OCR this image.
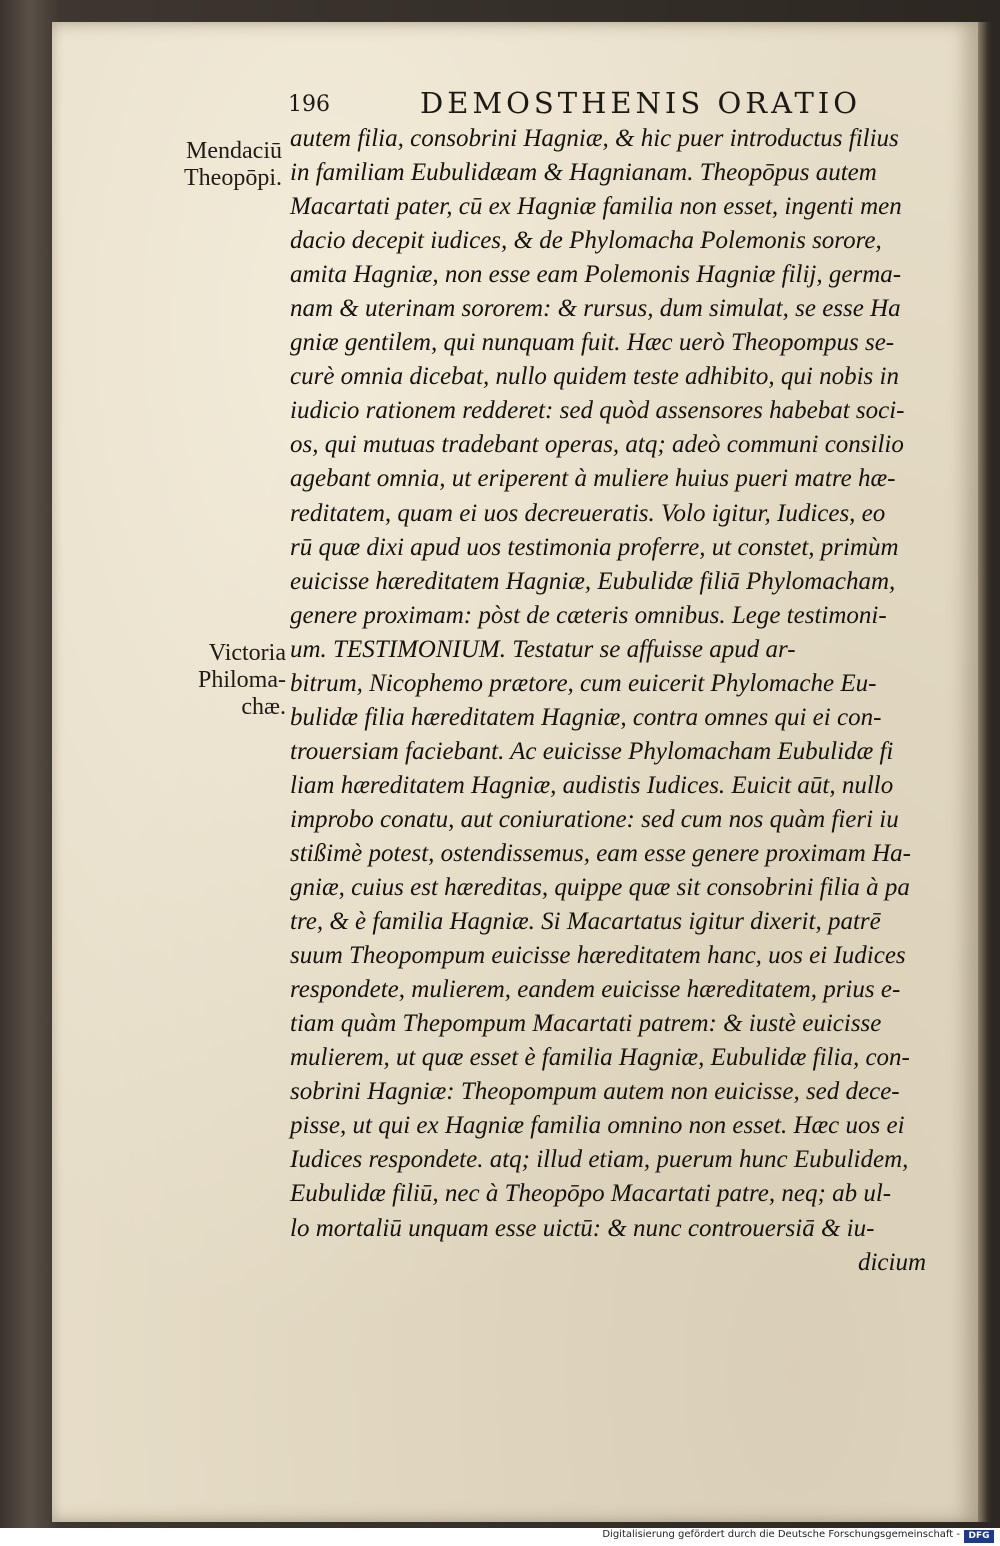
196	DEMOSTHENIS ORATIO
Mendaciū
Theopōpi.
Victoria
Philoma-
chæ.
autem filia, consobrini Hagniæ, & hic puer introductus filius
in familiam Eubulidæam & Hagnianam. Theopōpus autem
Macartati pater, cū ex Hagniæ familia non esset, ingenti men
dacio decepit iudices, & de Phylomacha Polemonis sorore,
amita Hagniæ, non esse eam Polemonis Hagniæ filij, germa-
nam & uterinam sororem: & rursus, dum simulat, se esse Ha
gniæ gentilem, qui nunquam fuit. Hæc uerò Theopompus se-
curè omnia dicebat, nullo quidem teste adhibito, qui nobis in
iudicio rationem redderet: sed quòd assensores habebat soci-
os, qui mutuas tradebant operas, atq; adeò communi consilio
agebant omnia, ut eriperent à muliere huius pueri matre hæ-
reditatem, quam ei uos decreueratis. Volo igitur, Iudices, eo
rū quæ dixi apud uos testimonia proferre, ut constet, primùm
euicisse hæreditatem Hagniæ, Eubulidæ filiā Phylomacham,
genere proximam: pòst de cæteris omnibus. Lege testimoni-
um. TESTIMONIUM. Testatur se affuisse apud ar-
bitrum, Nicophemo prætore, cum euicerit Phylomache Eu-
bulidæ filia hæreditatem Hagniæ, contra omnes qui ei con-
trouersiam faciebant. Ac euicisse Phylomacham Eubulidæ fi
liam hæreditatem Hagniæ, audistis Iudices. Euicit aūt, nullo
improbo conatu, aut coniuratione: sed cum nos quàm fieri iu
stißimè potest, ostendissemus, eam esse genere proximam Ha-
gniæ, cuius est hæreditas, quippe quæ sit consobrini filia à pa
tre, & è familia Hagniæ. Si Macartatus igitur dixerit, patrē
suum Theopompum euicisse hæreditatem hanc, uos ei Iudices
respondete, mulierem, eandem euicisse hæreditatem, prius e-
tiam quàm Thepompum Macartati patrem: & iustè euicisse
mulierem, ut quæ esset è familia Hagniæ, Eubulidæ filia, con-
sobrini Hagniæ: Theopompum autem non euicisse, sed dece-
pisse, ut qui ex Hagniæ familia omnino non esset. Hæc uos ei
Iudices respondete. atq; illud etiam, puerum hunc Eubulidem,
Eubulidæ filiū, nec à Theopōpo Macartati patre, neq; ab ul-
lo mortaliū unquam esse uictū: & nunc controuersiā & iu-
dicium
Digitalisierung gefördert durch die Deutsche Forschungsgemeinschaft - DFG
